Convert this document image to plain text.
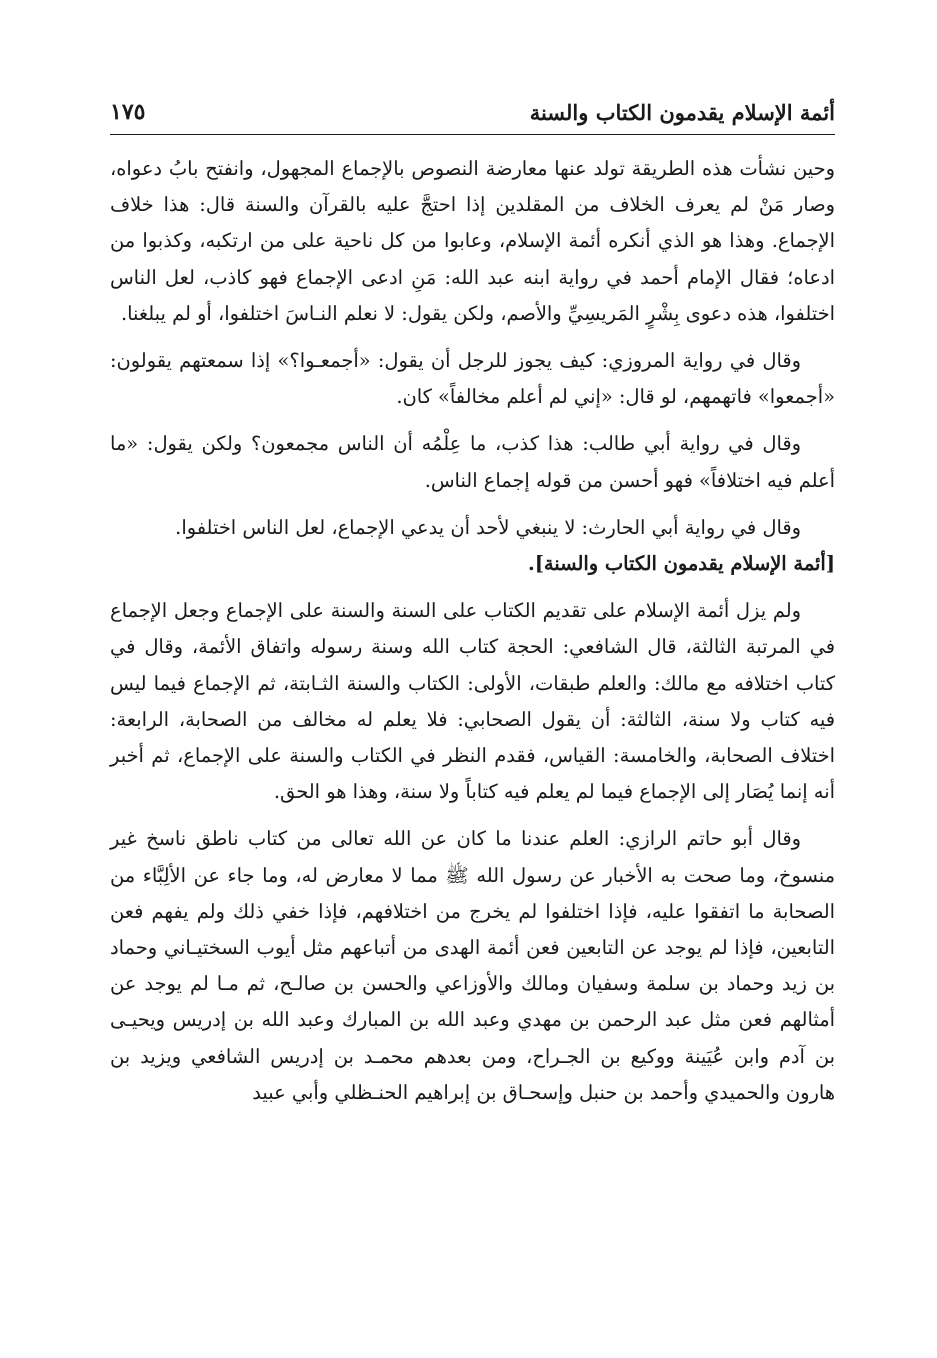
أئمة الإسلام يقدمون الكتاب والسنة
١٧٥

وحين نشأت هذه الطريقة تولد عنها معارضة النصوص بالإجماع المجهول، وانفتح بابُ دعواه، وصار مَنْ لم يعرف الخلاف من المقلدين إذا احتجَّ عليه بالقرآن والسنة قال: هذا خلاف الإجماع. وهذا هو الذي أنكره أئمة الإسلام، وعابوا من كل ناحية على من ارتكبه، وكذبوا من ادعاه؛ فقال الإمام أحمد في رواية ابنه عبد الله: مَنِ ادعى الإجماع فهو كاذب، لعل الناس اختلفوا، هذه دعوى بِشْرٍ المَريسِيِّ والأصم، ولكن يقول: لا نعلم النـاسَ اختلفوا، أو لم يبلغنا.

وقال في رواية المروزي: كيف يجوز للرجل أن يقول: «أجمعـوا؟» إذا سمعتهم يقولون: «أجمعوا» فاتهمهم، لو قال: «إني لم أعلم مخالفاً» كان.

وقال في رواية أبي طالب: هذا كذب، ما عِلْمُه أن الناس مجمعون؟ ولكن يقول: «ما أعلم فيه اختلافاً» فهو أحسن من قوله إجماع الناس.

وقال في رواية أبي الحارث: لا ينبغي لأحد أن يدعي الإجماع، لعل الناس اختلفوا.

[أئمة الإسلام يقدمون الكتاب والسنة].

ولم يزل أئمة الإسلام على تقديم الكتاب على السنة والسنة على الإجماع وجعل الإجماع في المرتبة الثالثة، قال الشافعي: الحجة كتاب الله وسنة رسوله واتفاق الأئمة، وقال في كتاب اختلافه مع مالك: والعلم طبقات، الأولى: الكتاب والسنة الثـابتة، ثم الإجماع فيما ليس فيه كتاب ولا سنة، الثالثة: أن يقول الصحابي: فلا يعلم له مخالف من الصحابة، الرابعة: اختلاف الصحابة، والخامسة: القياس، فقدم النظر في الكتاب والسنة على الإجماع، ثم أخبر أنه إنما يُصَار إلى الإجماع فيما لم يعلم فيه كتاباً ولا سنة، وهذا هو الحق.

وقال أبو حاتم الرازي: العلم عندنا ما كان عن الله تعالى من كتاب ناطق ناسخ غير منسوخ، وما صحت به الأخبار عن رسول الله ﷺ مما لا معارض له، وما جاء عن الألِبَّاء من الصحابة ما اتفقوا عليه، فإذا اختلفوا لم يخرج من اختلافهم، فإذا خفي ذلك ولم يفهم فعن التابعين، فإذا لم يوجد عن التابعين فعن أئمة الهدى من أتباعهم مثل أيوب السختيـاني وحماد بن زيد وحماد بن سلمة وسفيان ومالك والأوزاعي والحسن بن صالـح، ثم مـا لم يوجد عن أمثالهم فعن مثل عبد الرحمن بن مهدي وعبد الله بن المبارك وعبد الله بن إدريس ويحيـى بن آدم وابن عُيَينة ووكيع بن الجـراح، ومن بعدهم محمـد بن إدريس الشافعي ويزيد بن هارون والحميدي وأحمد بن حنبل وإسحـاق بن إبراهيم الحنـظلي وأبي عبيد
